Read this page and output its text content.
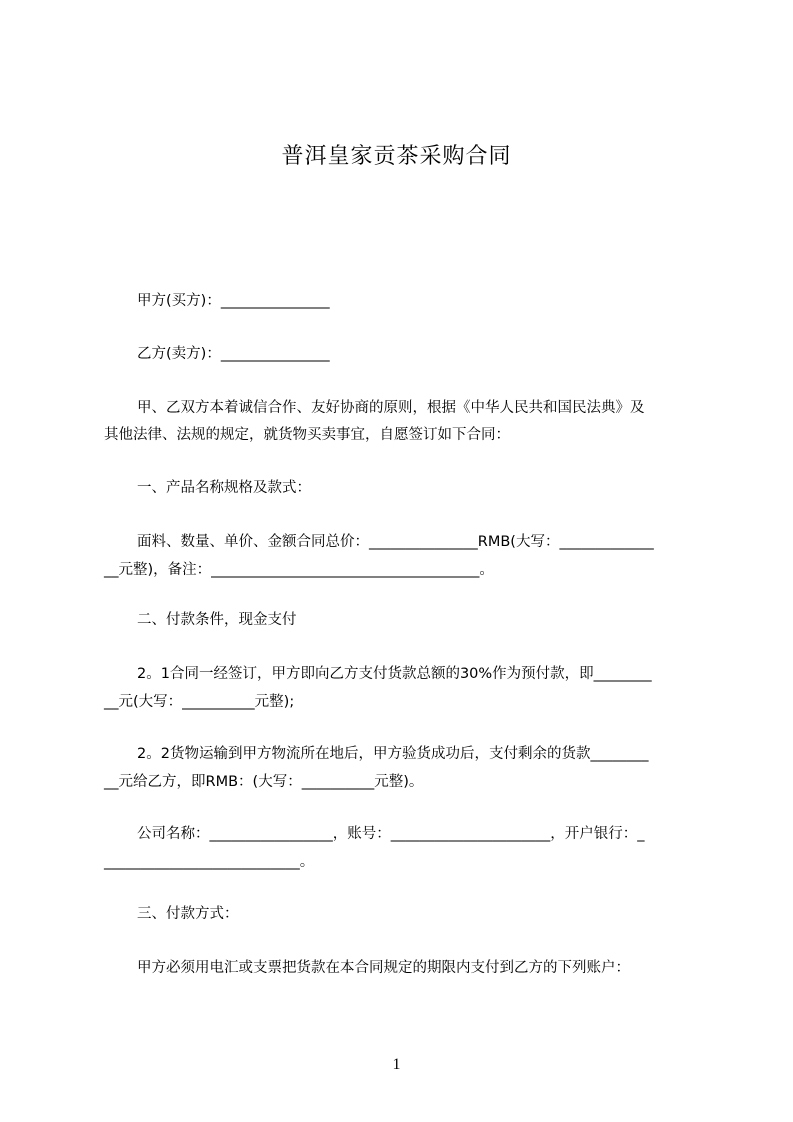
普洱皇家贡茶采购合同
甲方(买方)：_______________
乙方(卖方)：_______________
甲、乙双方本着诚信合作、友好协商的原则，根据《中华人民共和国民法典》及
其他法律、法规的规定，就货物买卖事宜，自愿签订如下合同：
一、产品名称规格及款式：
面料、数量、单价、金额合同总价：_______________RMB(大写：_____________
__元整)，备注：_____________________________________。
二、付款条件，现金支付
2。1合同一经签订，甲方即向乙方支付货款总额的30%作为预付款，即________
__元(大写：__________元整);
2。2货物运输到甲方物流所在地后，甲方验货成功后，支付剩余的货款________
__元给乙方，即RMB：(大写：__________元整)。
公司名称：_________________，账号：______________________，开户银行：_
___________________________。
三、付款方式：
甲方必须用电汇或支票把货款在本合同规定的期限内支付到乙方的下列账户：
1
